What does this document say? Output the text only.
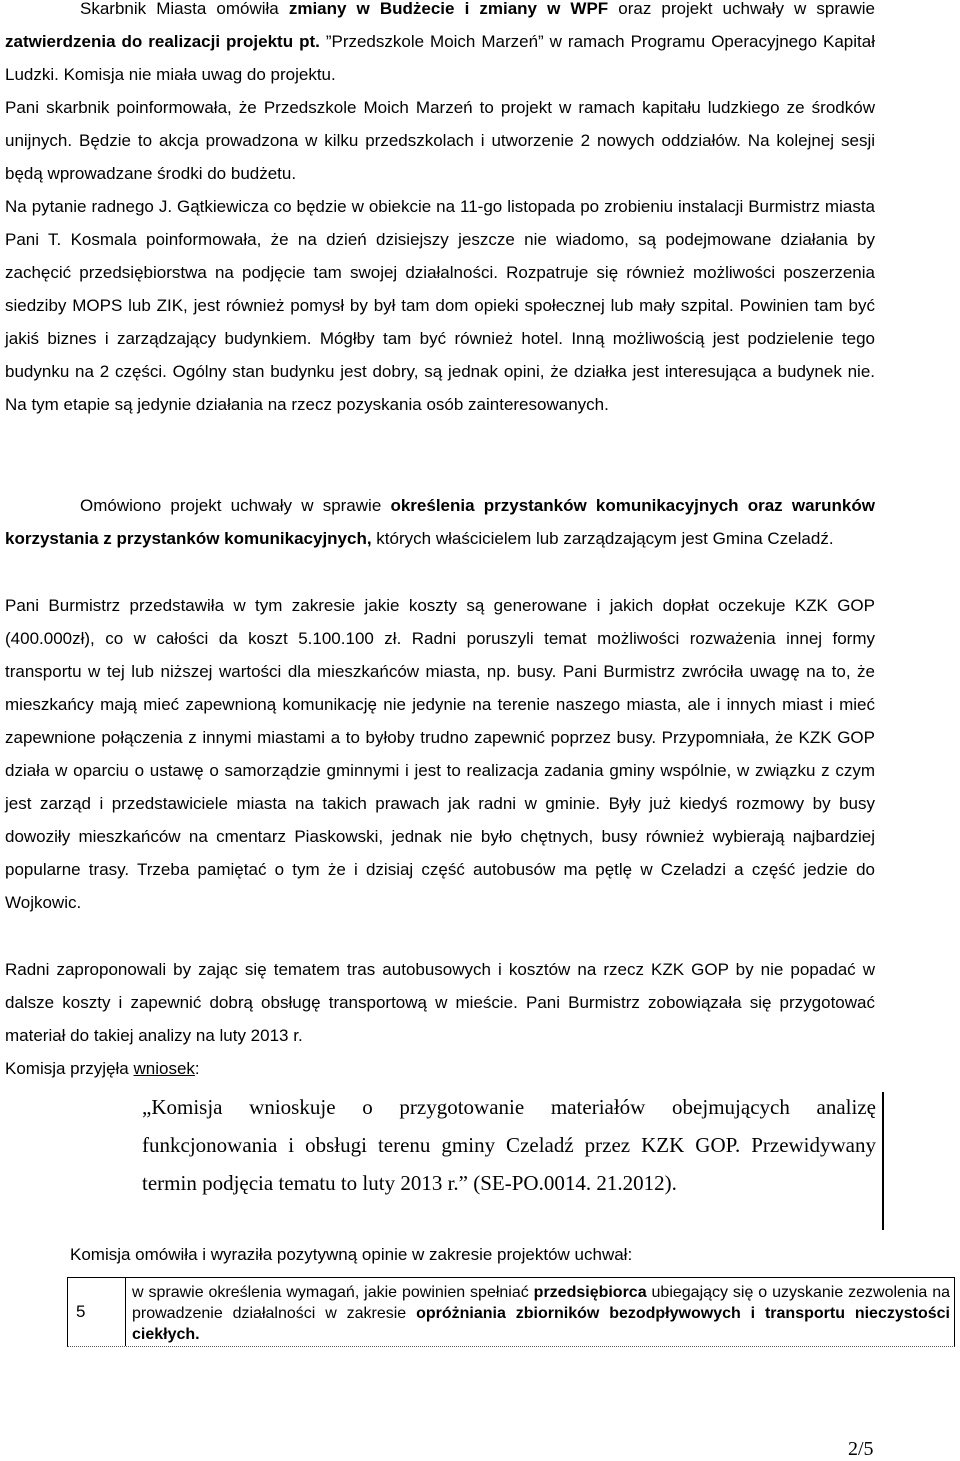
Skarbnik Miasta omówiła zmiany w Budżecie i zmiany w WPF oraz projekt uchwały w sprawie zatwierdzenia do realizacji projektu pt. ”Przedszkole Moich Marzeń” w ramach Programu Operacyjnego Kapitał Ludzki. Komisja nie miała uwag do projektu.

Pani skarbnik poinformowała, że Przedszkole Moich Marzeń to projekt w ramach kapitału ludzkiego ze środków unijnych. Będzie to akcja prowadzona w kilku przedszkolach i utworzenie 2 nowych oddziałów. Na kolejnej sesji będą wprowadzane środki do budżetu.

Na pytanie radnego J. Gątkiewicza co będzie w obiekcie na 11-go listopada po zrobieniu instalacji Burmistrz miasta Pani T. Kosmala poinformowała, że na dzień dzisiejszy jeszcze nie wiadomo, są podejmowane działania by zachęcić przedsiębiorstwa na podjęcie tam swojej działalności. Rozpatruje się również możliwości poszerzenia siedziby MOPS lub ZIK, jest również pomysł by był tam dom opieki społecznej lub mały szpital. Powinien tam być jakiś biznes i zarządzający budynkiem. Mógłby tam być również hotel. Inną możliwością jest podzielenie tego budynku na 2 części. Ogólny stan budynku jest dobry, są jednak opini, że działka jest interesująca a budynek nie. Na tym etapie są jedynie działania na rzecz pozyskania osób zainteresowanych.

Omówiono projekt uchwały w sprawie określenia przystanków komunikacyjnych oraz warunków korzystania z przystanków komunikacyjnych, których właścicielem lub zarządzającym jest Gmina Czeladź.

Pani Burmistrz przedstawiła w tym zakresie jakie koszty są generowane i jakich dopłat oczekuje KZK GOP (400.000zł), co w całości da koszt 5.100.100 zł. Radni poruszyli temat możliwości rozważenia innej formy transportu w tej lub niższej wartości dla mieszkańców miasta, np. busy. Pani Burmistrz zwróciła uwagę na to, że mieszkańcy mają mieć zapewnioną komunikację nie jedynie na terenie naszego miasta, ale i innych miast i mieć zapewnione połączenia z innymi miastami a to byłoby trudno zapewnić poprzez busy. Przypomniała, że KZK GOP działa w oparciu o ustawę o samorządzie gminnymi i jest to realizacja zadania gminy wspólnie, w związku z czym jest zarząd i przedstawiciele miasta na takich prawach jak radni w gminie. Były już kiedyś rozmowy by busy dowoziły mieszkańców na cmentarz Piaskowski, jednak nie było chętnych, busy również wybierają najbardziej popularne trasy. Trzeba pamiętać o tym że i dzisiaj część autobusów ma pętlę w Czeladzi a część jedzie do Wojkowic.

Radni zaproponowali by zając się tematem tras autobusowych i kosztów na rzecz KZK GOP by nie popadać w dalsze koszty i zapewnić dobrą obsługę transportową w mieście. Pani Burmistrz zobowiązała się przygotować materiał do takiej analizy na luty 2013 r.

Komisja przyjęła wniosek:
„Komisja wnioskuje o przygotowanie materiałów obejmujących analizę funkcjonowania i obsługi terenu gminy Czeladź przez KZK GOP. Przewidywany termin podjęcia tematu to luty 2013 r.” (SE-PO.0014. 21.2012).
Komisja omówiła i wyraziła pozytywną opinie w zakresie projektów uchwał:
5
w sprawie określenia wymagań, jakie powinien spełniać przedsiębiorca ubiegający się o uzyskanie zezwolenia na prowadzenie działalności w zakresie opróżniania zbiorników bezodpływowych i transportu nieczystości ciekłych.
2/5
